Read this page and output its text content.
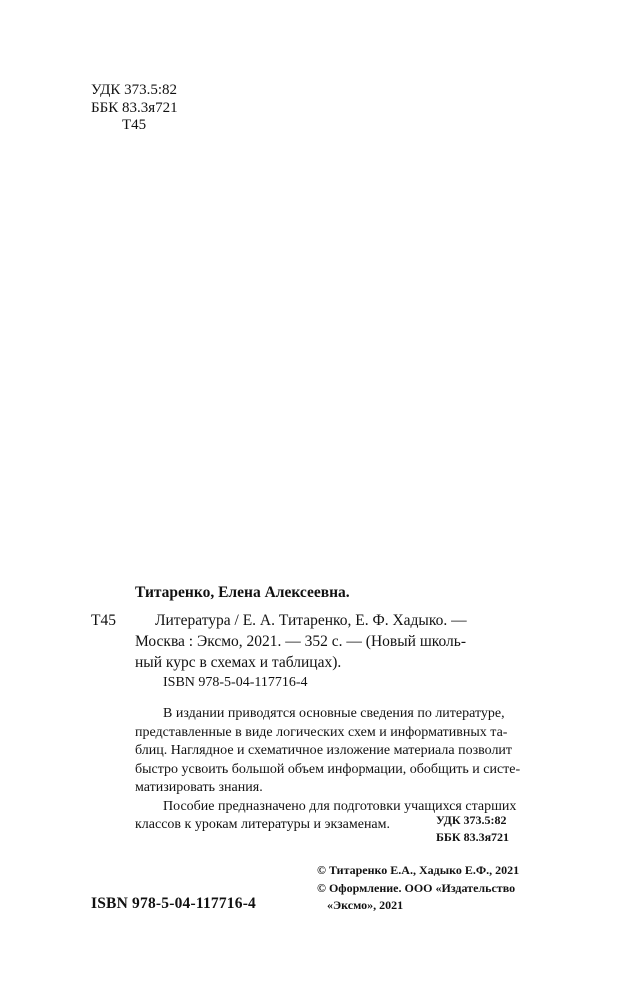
УДК 373.5:82
ББК 83.3я721
Т45
Титаренко, Елена Алексеевна.
Т45	Литература / Е. А. Титаренко, Е. Ф. Хадыко. —
Москва : Эксмо, 2021. — 352 с. — (Новый школь-
ный курс в схемах и таблицах).
ISBN 978-5-04-117716-4
В издании приводятся основные сведения по литературе,
представленные в виде логических схем и информативных та-
блиц. Наглядное и схематичное изложение материала позволит
быстро усвоить большой объем информации, обобщить и систе-
матизировать знания.
Пособие предназначено для подготовки учащихся старших
классов к урокам литературы и экзаменам.	УДК 373.5:82
ББК 83.3я721
ISBN 978-5-04-117716-4
© Титаренко Е.А., Хадыко Е.Ф., 2021
© Оформление. ООО «Издательство
«Эксмо», 2021
